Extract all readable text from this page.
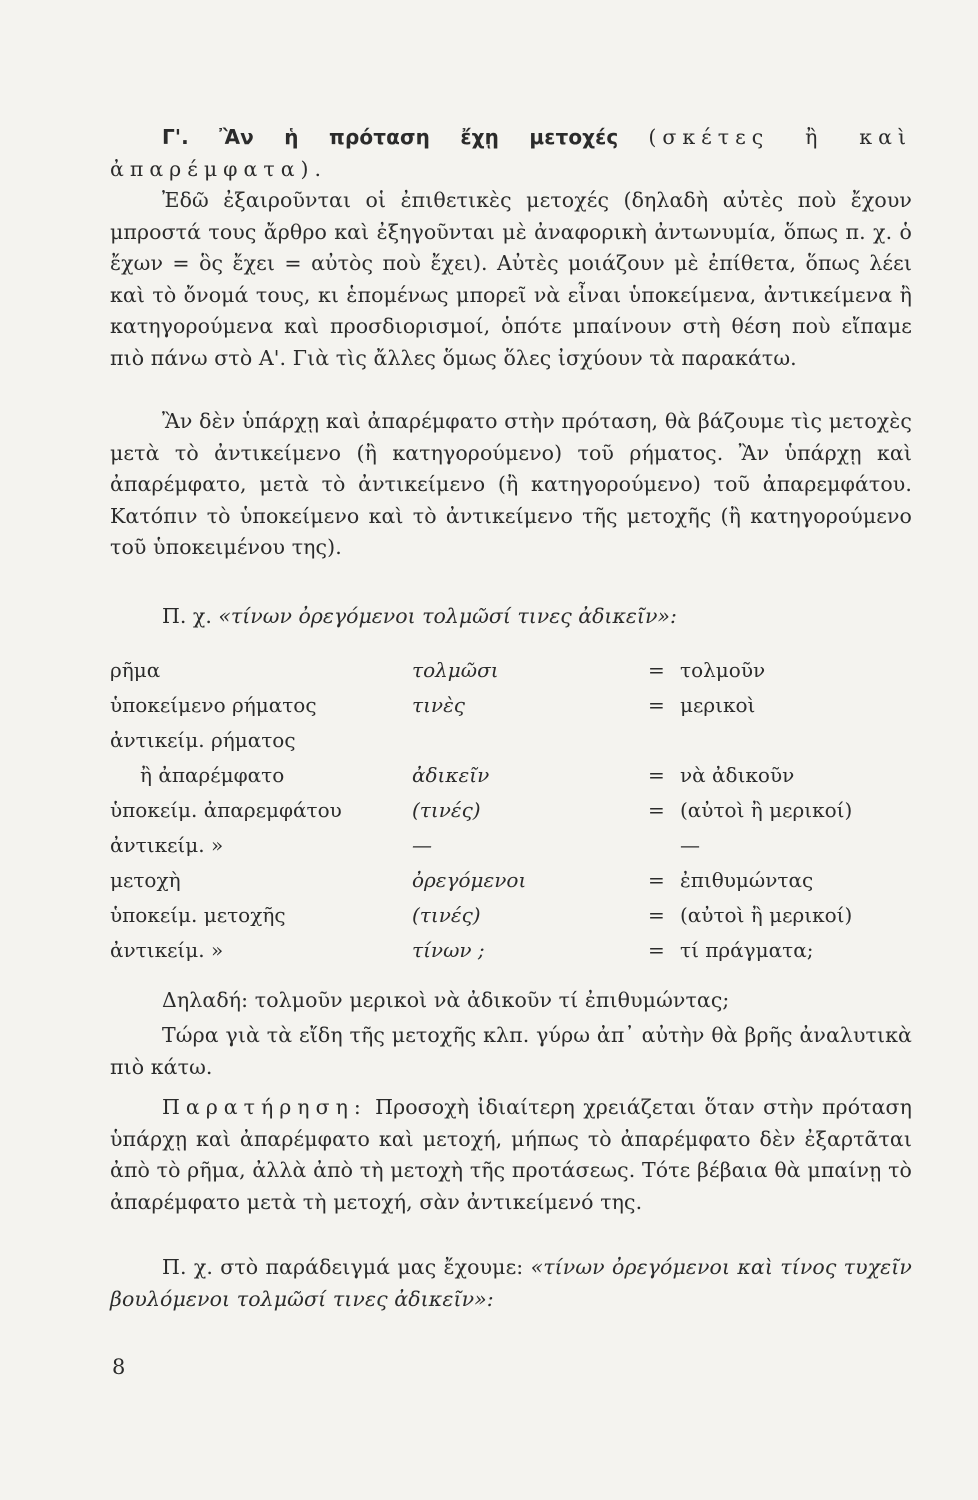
Γ'. Ἂν ἡ πρόταση ἔχῃ μετοχές (σκέτες ἢ καὶ ἀπαρέμφατα).
Ἐδῶ ἐξαιροῦνται οἱ ἐπιθετικὲς μετοχές (δηλαδὴ αὐτὲς ποὺ ἔχουν μπροστά τους ἄρθρο καὶ ἐξηγοῦνται μὲ ἀναφορικὴ ἀντωνυμία, ὅπως π. χ. ὁ ἔχων = ὃς ἔχει = αὐτὸς ποὺ ἔχει). Αὐτὲς μοιάζουν μὲ ἐπίθετα, ὅπως λέει καὶ τὸ ὄνομά τους, κι ἑπομένως μπορεῖ νὰ εἶναι ὑποκείμενα, ἀντικείμενα ἢ κατηγορούμενα καὶ προσδιορισμοί, ὁπότε μπαίνουν στὴ θέση ποὺ εἴπαμε πιὸ πάνω στὸ Α'. Γιὰ τὶς ἄλλες ὅμως ὅλες ἰσχύουν τὰ παρακάτω.
Ἂν δὲν ὑπάρχῃ καὶ ἀπαρέμφατο στὴν πρόταση, θὰ βάζουμε τὶς μετοχὲς μετὰ τὸ ἀντικείμενο (ἢ κατηγορούμενο) τοῦ ρήματος. Ἂν ὑπάρχῃ καὶ ἀπαρέμφατο, μετὰ τὸ ἀντικείμενο (ἢ κατηγορούμενο) τοῦ ἀπαρεμφάτου. Κατόπιν τὸ ὑποκείμενο καὶ τὸ ἀντικείμενο τῆς μετοχῆς (ἢ κατηγορούμενο τοῦ ὑποκειμένου της).
Π. χ. «τίνων ὀρεγόμενοι τολμῶσί τινες ἀδικεῖν»:
ρῆμα	τολμῶσι	=	τολμοῦν
ὑποκείμενο ρήματος	τινὲς	=	μερικοὶ
ἀντικείμ. ρήματος			
ἢ ἀπαρέμφατο	ἀδικεῖν	=	νὰ ἀδικοῦν
ὑποκείμ. ἀπαρεμφάτου	(τινές)	=	(αὐτοὶ ἢ μερικοί)
ἀντικείμ. »	—		—
μετοχὴ	ὀρεγόμενοι	=	ἐπιθυμώντας
ὑποκείμ. μετοχῆς	(τινές)	=	(αὐτοὶ ἢ μερικοί)
ἀντικείμ. »	τίνων ;	=	τί πράγματα;
Δηλαδή: τολμοῦν μερικοὶ νὰ ἀδικοῦν τί ἐπιθυμώντας;
Τώρα γιὰ τὰ εἴδη τῆς μετοχῆς κλπ. γύρω ἀπ᾿ αὐτὴν θὰ βρῆς ἀναλυτικὰ πιὸ κάτω.
Παρατήρηση: Προσοχὴ ἰδιαίτερη χρειάζεται ὅταν στὴν πρόταση ὑπάρχῃ καὶ ἀπαρέμφατο καὶ μετοχή, μήπως τὸ ἀπαρέμφατο δὲν ἐξαρτᾶται ἀπὸ τὸ ρῆμα, ἀλλὰ ἀπὸ τὴ μετοχὴ τῆς προτάσεως. Τότε βέβαια θὰ μπαίνῃ τὸ ἀπαρέμφατο μετὰ τὴ μετοχή, σὰν ἀντικείμενό της.
Π. χ. στὸ παράδειγμά μας ἔχουμε: «τίνων ὀρεγόμενοι καὶ τίνος τυχεῖν βουλόμενοι τολμῶσί τινες ἀδικεῖν»:
8
